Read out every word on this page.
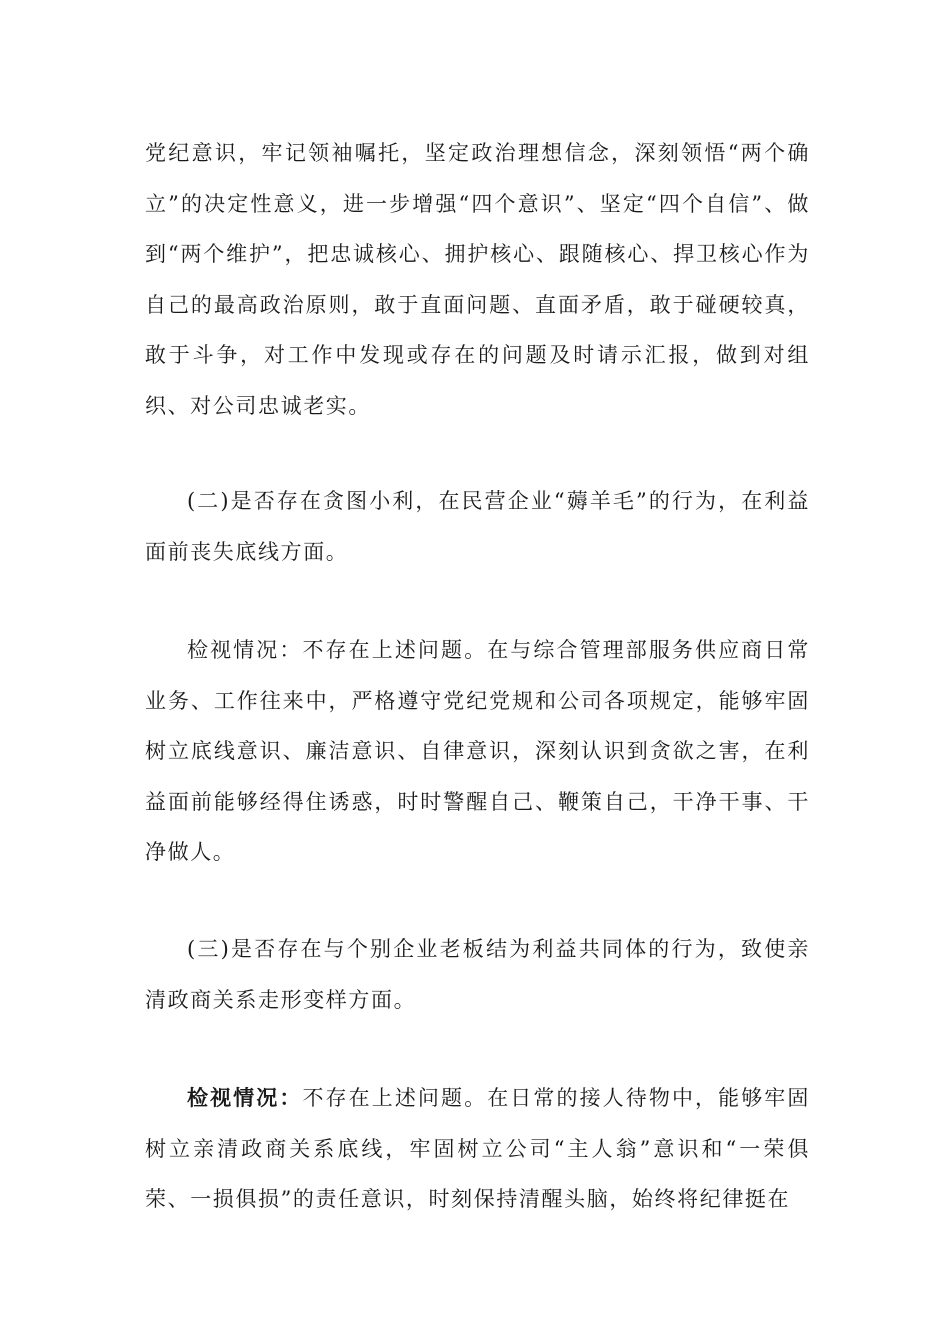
党纪意识，牢记领袖嘱托，坚定政治理想信念，深刻领悟“两个确立”的决定性意义，进一步增强“四个意识”、坚定“四个自信”、做到“两个维护”，把忠诚核心、拥护核心、跟随核心、捍卫核心作为自己的最高政治原则，敢于直面问题、直面矛盾，敢于碰硬较真，敢于斗争，对工作中发现或存在的问题及时请示汇报，做到对组织、对公司忠诚老实。

(二)是否存在贪图小利，在民营企业“薅羊毛”的行为，在利益面前丧失底线方面。

检视情况：不存在上述问题。在与综合管理部服务供应商日常业务、工作往来中，严格遵守党纪党规和公司各项规定，能够牢固树立底线意识、廉洁意识、自律意识，深刻认识到贪欲之害，在利益面前能够经得住诱惑，时时警醒自己、鞭策自己，干净干事、干净做人。

(三)是否存在与个别企业老板结为利益共同体的行为，致使亲清政商关系走形变样方面。

检视情况：不存在上述问题。在日常的接人待物中，能够牢固树立亲清政商关系底线，牢固树立公司“主人翁”意识和“一荣俱荣、一损俱损”的责任意识，时刻保持清醒头脑，始终将纪律挺在
